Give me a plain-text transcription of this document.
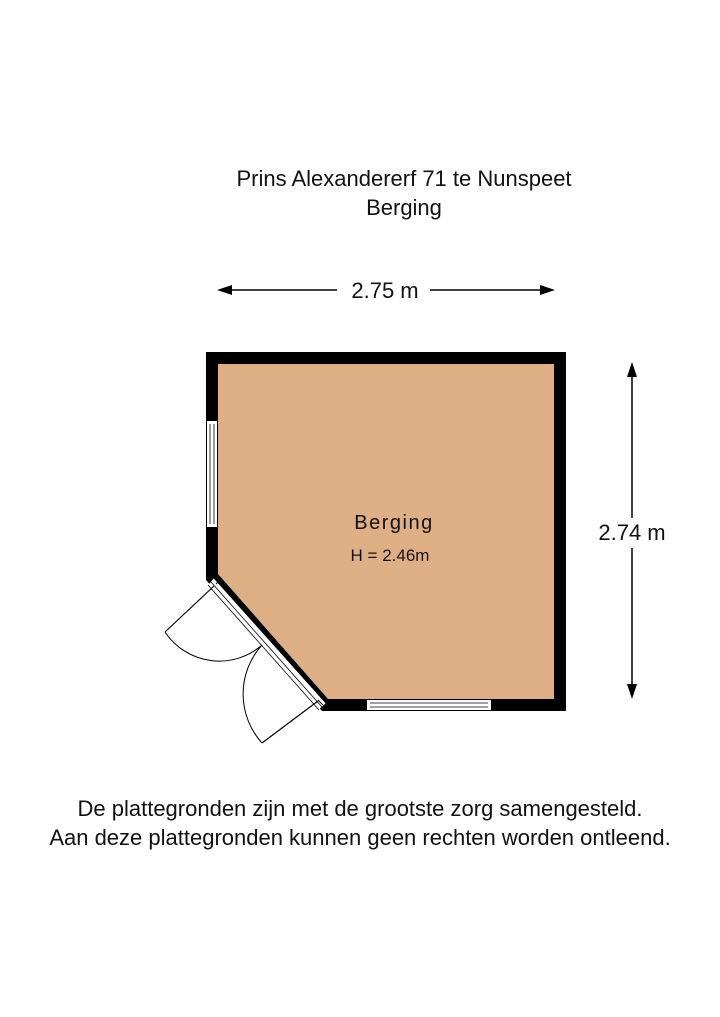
Prins Alexandererf 71 te Nunspeet
Berging
2.75 m
2.74 m
Berging
H = 2.46m
De plattegronden zijn met de grootste zorg samengesteld.
Aan deze plattegronden kunnen geen rechten worden ontleend.
